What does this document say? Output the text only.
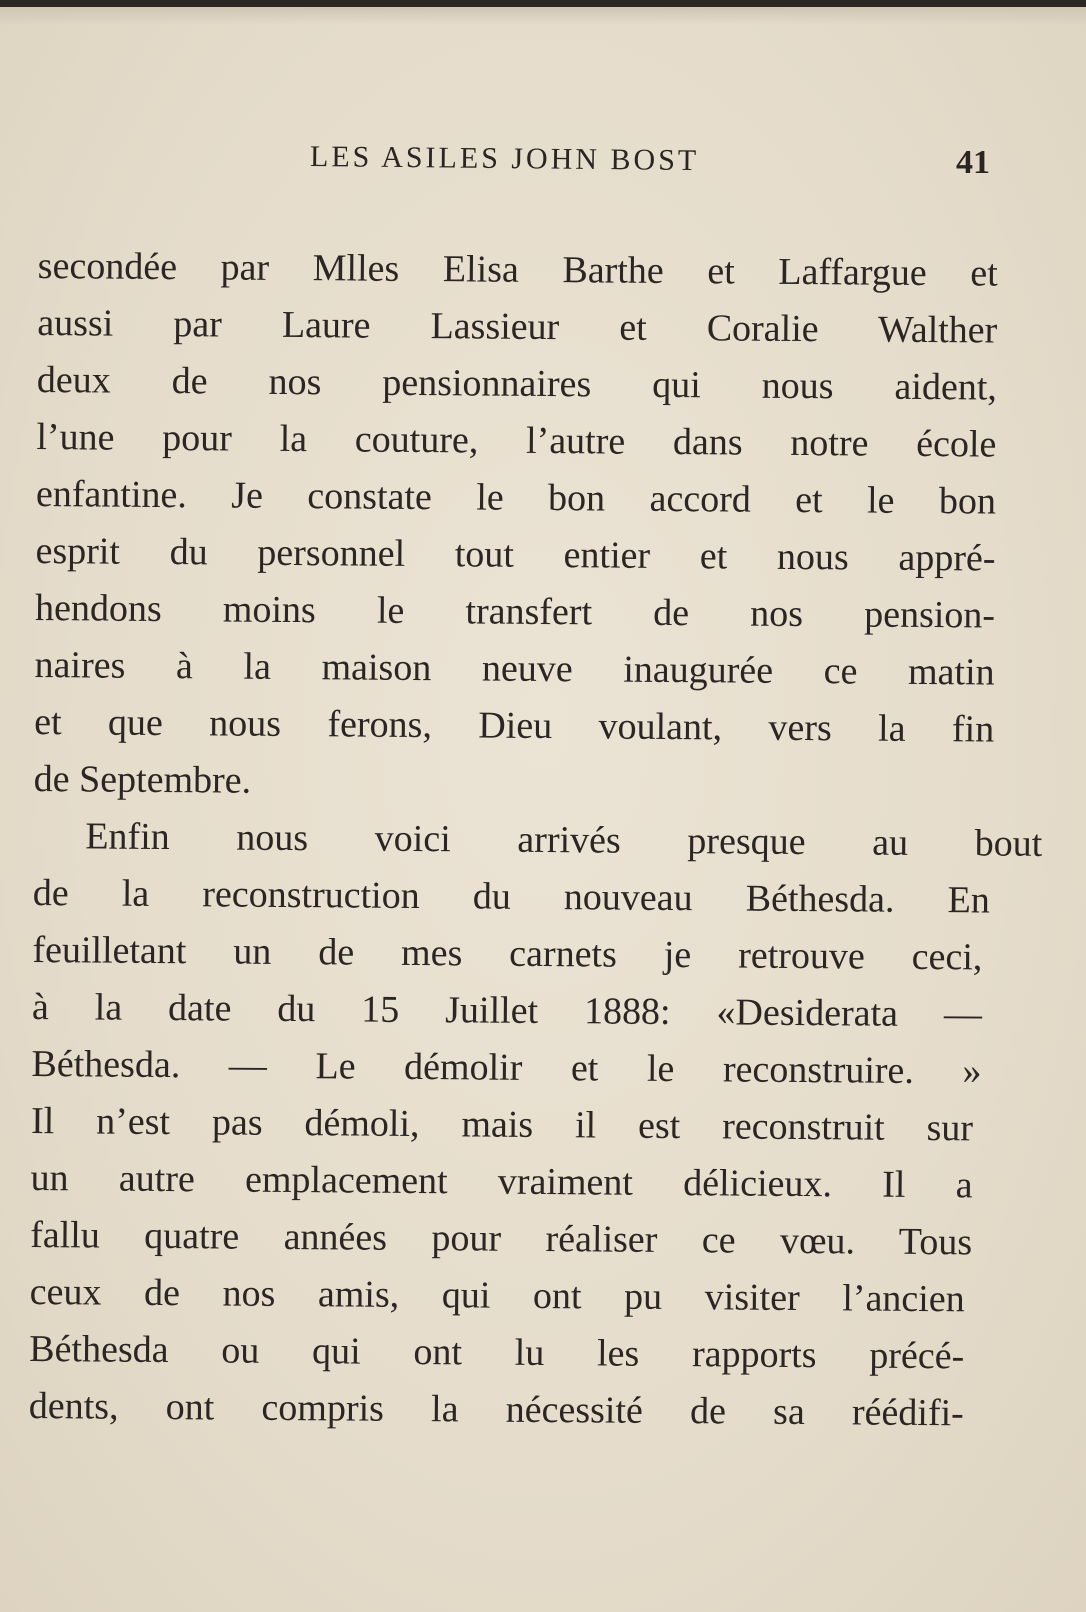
LES ASILES JOHN BOST	41
secondée par Mlles Elisa Barthe et Laffargue et
aussi par Laure Lassieur et Coralie Walther
deux de nos pensionnaires qui nous aident,
l’une pour la couture, l’autre dans notre école
enfantine. Je constate le bon accord et le bon
esprit du personnel tout entier et nous appré-
hendons moins le transfert de nos pension-
naires à la maison neuve inaugurée ce matin
et que nous ferons, Dieu voulant, vers la fin
de Septembre.
Enfin nous voici arrivés presque au bout
de la reconstruction du nouveau Béthesda. En
feuilletant un de mes carnets je retrouve ceci,
à la date du 15 Juillet 1888: «Desiderata —
Béthesda. — Le démolir et le reconstruire. »
Il n’est pas démoli, mais il est reconstruit sur
un autre emplacement vraiment délicieux. Il a
fallu quatre années pour réaliser ce vœu. Tous
ceux de nos amis, qui ont pu visiter l’ancien
Béthesda ou qui ont lu les rapports précé-
dents, ont compris la nécessité de sa réédifi-
